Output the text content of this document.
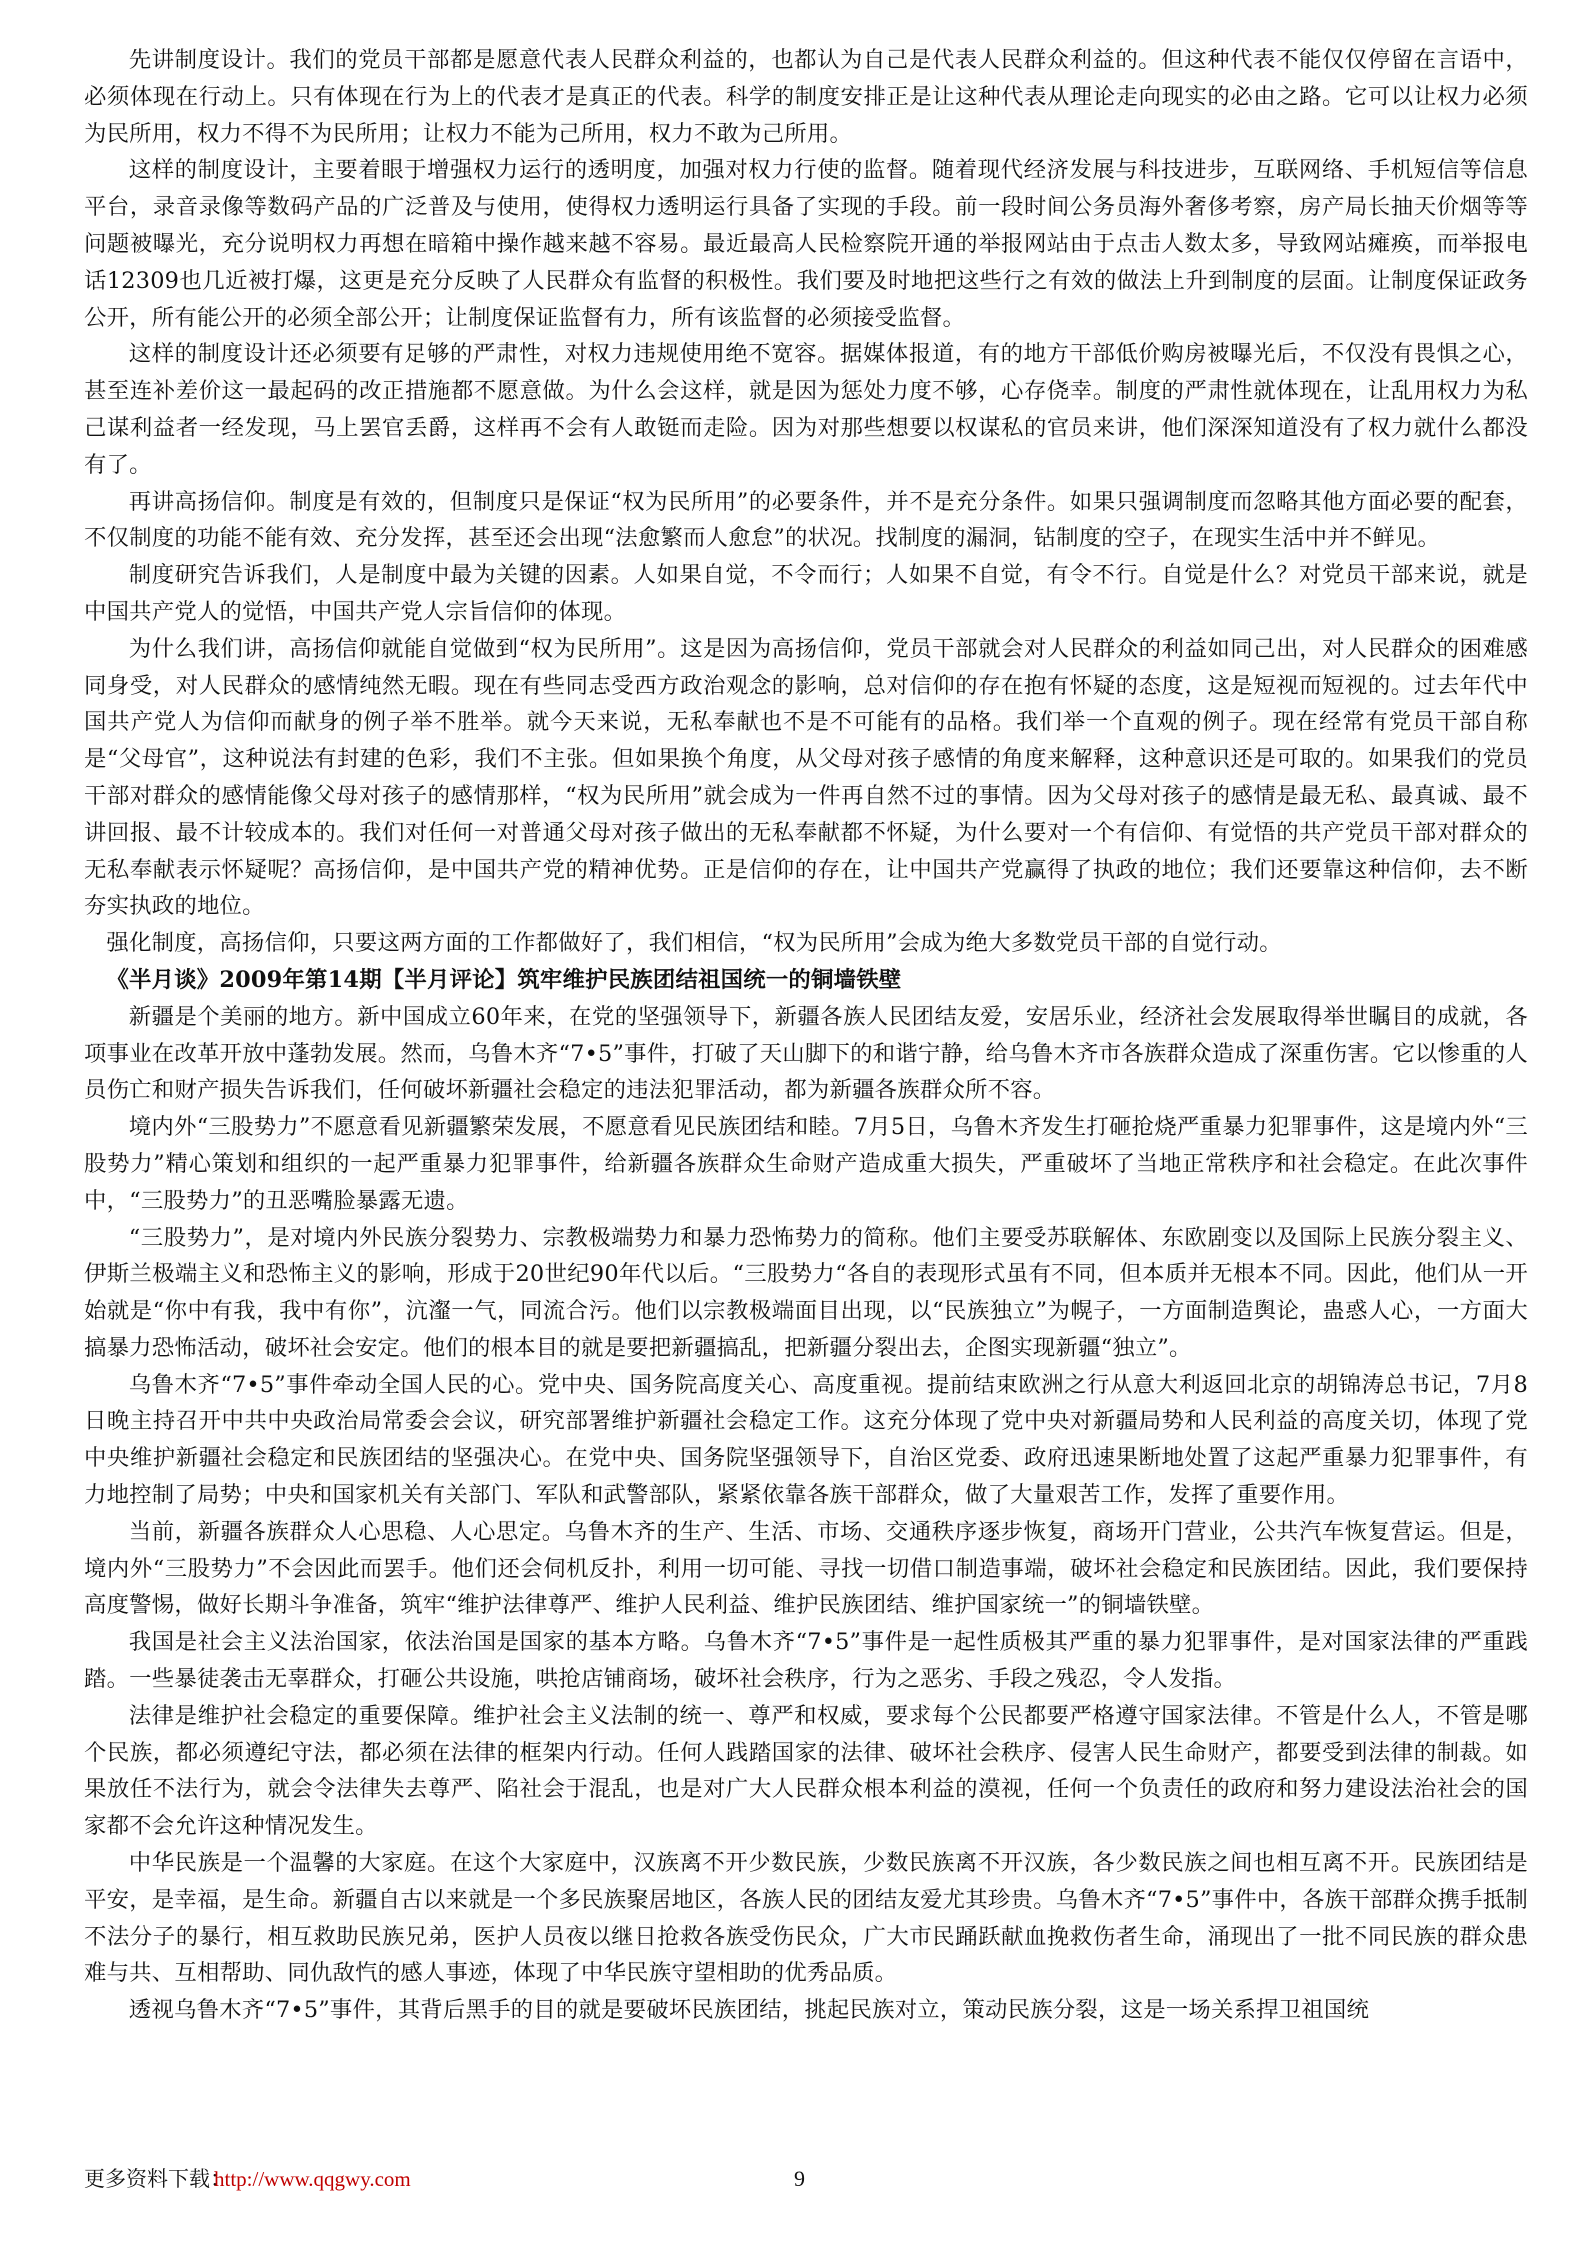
先讲制度设计。我们的党员干部都是愿意代表人民群众利益的，也都认为自己是代表人民群众利益的。但这种代表不能仅仅停留在言语中，必须体现在行动上。只有体现在行为上的代表才是真正的代表。科学的制度安排正是让这种代表从理论走向现实的必由之路。它可以让权力必须为民所用，权力不得不为民所用；让权力不能为己所用，权力不敢为己所用。

这样的制度设计，主要着眼于增强权力运行的透明度，加强对权力行使的监督。随着现代经济发展与科技进步，互联网络、手机短信等信息平台，录音录像等数码产品的广泛普及与使用，使得权力透明运行具备了实现的手段。前一段时间公务员海外奢侈考察，房产局长抽天价烟等等问题被曝光，充分说明权力再想在暗箱中操作越来越不容易。最近最高人民检察院开通的举报网站由于点击人数太多，导致网站瘫痪，而举报电话12309也几近被打爆，这更是充分反映了人民群众有监督的积极性。我们要及时地把这些行之有效的做法上升到制度的层面。让制度保证政务公开，所有能公开的必须全部公开；让制度保证监督有力，所有该监督的必须接受监督。

这样的制度设计还必须要有足够的严肃性，对权力违规使用绝不宽容。据媒体报道，有的地方干部低价购房被曝光后，不仅没有畏惧之心，甚至连补差价这一最起码的改正措施都不愿意做。为什么会这样，就是因为惩处力度不够，心存侥幸。制度的严肃性就体现在，让乱用权力为私己谋利益者一经发现，马上罢官丢爵，这样再不会有人敢铤而走险。因为对那些想要以权谋私的官员来讲，他们深深知道没有了权力就什么都没有了。

再讲高扬信仰。制度是有效的，但制度只是保证“权为民所用”的必要条件，并不是充分条件。如果只强调制度而忽略其他方面必要的配套，不仅制度的功能不能有效、充分发挥，甚至还会出现“法愈繁而人愈怠”的状况。找制度的漏洞，钻制度的空子，在现实生活中并不鲜见。

制度研究告诉我们，人是制度中最为关键的因素。人如果自觉，不令而行；人如果不自觉，有令不行。自觉是什么？对党员干部来说，就是中国共产党人的觉悟，中国共产党人宗旨信仰的体现。

为什么我们讲，高扬信仰就能自觉做到“权为民所用”。这是因为高扬信仰，党员干部就会对人民群众的利益如同己出，对人民群众的困难感同身受，对人民群众的感情纯然无暇。现在有些同志受西方政治观念的影响，总对信仰的存在抱有怀疑的态度，这是短视而短视的。过去年代中国共产党人为信仰而献身的例子举不胜举。就今天来说，无私奉献也不是不可能有的品格。我们举一个直观的例子。现在经常有党员干部自称是“父母官”，这种说法有封建的色彩，我们不主张。但如果换个角度，从父母对孩子感情的角度来解释，这种意识还是可取的。如果我们的党员干部对群众的感情能像父母对孩子的感情那样，“权为民所用”就会成为一件再自然不过的事情。因为父母对孩子的感情是最无私、最真诚、最不讲回报、最不计较成本的。我们对任何一对普通父母对孩子做出的无私奉献都不怀疑，为什么要对一个有信仰、有觉悟的共产党员干部对群众的无私奉献表示怀疑呢？高扬信仰，是中国共产党的精神优势。正是信仰的存在，让中国共产党赢得了执政的地位；我们还要靠这种信仰，去不断夯实执政的地位。

强化制度，高扬信仰，只要这两方面的工作都做好了，我们相信，“权为民所用”会成为绝大多数党员干部的自觉行动。

《半月谈》2009年第14期【半月评论】筑牢维护民族团结祖国统一的铜墙铁壁

新疆是个美丽的地方。新中国成立60年来，在党的坚强领导下，新疆各族人民团结友爱，安居乐业，经济社会发展取得举世瞩目的成就，各项事业在改革开放中蓬勃发展。然而，乌鲁木齐“7•5”事件，打破了天山脚下的和谐宁静，给乌鲁木齐市各族群众造成了深重伤害。它以惨重的人员伤亡和财产损失告诉我们，任何破坏新疆社会稳定的违法犯罪活动，都为新疆各族群众所不容。

境内外“三股势力”不愿意看见新疆繁荣发展，不愿意看见民族团结和睦。7月5日，乌鲁木齐发生打砸抢烧严重暴力犯罪事件，这是境内外“三股势力”精心策划和组织的一起严重暴力犯罪事件，给新疆各族群众生命财产造成重大损失，严重破坏了当地正常秩序和社会稳定。在此次事件中，“三股势力”的丑恶嘴脸暴露无遗。

“三股势力”，是对境内外民族分裂势力、宗教极端势力和暴力恐怖势力的简称。他们主要受苏联解体、东欧剧变以及国际上民族分裂主义、伊斯兰极端主义和恐怖主义的影响，形成于20世纪90年代以后。“三股势力“各自的表现形式虽有不同，但本质并无根本不同。因此，他们从一开始就是“你中有我，我中有你”，沆瀣一气，同流合污。他们以宗教极端面目出现，以“民族独立”为幌子，一方面制造舆论，蛊惑人心，一方面大搞暴力恐怖活动，破坏社会安定。他们的根本目的就是要把新疆搞乱，把新疆分裂出去，企图实现新疆“独立”。

乌鲁木齐“7•5”事件牵动全国人民的心。党中央、国务院高度关心、高度重视。提前结束欧洲之行从意大利返回北京的胡锦涛总书记，7月8日晚主持召开中共中央政治局常委会会议，研究部署维护新疆社会稳定工作。这充分体现了党中央对新疆局势和人民利益的高度关切，体现了党中央维护新疆社会稳定和民族团结的坚强决心。在党中央、国务院坚强领导下，自治区党委、政府迅速果断地处置了这起严重暴力犯罪事件，有力地控制了局势；中央和国家机关有关部门、军队和武警部队，紧紧依靠各族干部群众，做了大量艰苦工作，发挥了重要作用。

当前，新疆各族群众人心思稳、人心思定。乌鲁木齐的生产、生活、市场、交通秩序逐步恢复，商场开门营业，公共汽车恢复营运。但是，境内外“三股势力”不会因此而罢手。他们还会伺机反扑，利用一切可能、寻找一切借口制造事端，破坏社会稳定和民族团结。因此，我们要保持高度警惕，做好长期斗争准备，筑牢“维护法律尊严、维护人民利益、维护民族团结、维护国家统一”的铜墙铁壁。

我国是社会主义法治国家，依法治国是国家的基本方略。乌鲁木齐“7•5”事件是一起性质极其严重的暴力犯罪事件，是对国家法律的严重践踏。一些暴徒袭击无辜群众，打砸公共设施，哄抢店铺商场，破坏社会秩序，行为之恶劣、手段之残忍，令人发指。

法律是维护社会稳定的重要保障。维护社会主义法制的统一、尊严和权威，要求每个公民都要严格遵守国家法律。不管是什么人，不管是哪个民族，都必须遵纪守法，都必须在法律的框架内行动。任何人践踏国家的法律、破坏社会秩序、侵害人民生命财产，都要受到法律的制裁。如果放任不法行为，就会令法律失去尊严、陷社会于混乱，也是对广大人民群众根本利益的漠视，任何一个负责任的政府和努力建设法治社会的国家都不会允许这种情况发生。

中华民族是一个温馨的大家庭。在这个大家庭中，汉族离不开少数民族，少数民族离不开汉族，各少数民族之间也相互离不开。民族团结是平安，是幸福，是生命。新疆自古以来就是一个多民族聚居地区，各族人民的团结友爱尤其珍贵。乌鲁木齐“7•5”事件中，各族干部群众携手抵制不法分子的暴行，相互救助民族兄弟，医护人员夜以继日抢救各族受伤民众，广大市民踊跃献血挽救伤者生命，涌现出了一批不同民族的群众患难与共、互相帮助、同仇敌忾的感人事迹，体现了中华民族守望相助的优秀品质。

透视乌鲁木齐“7•5”事件，其背后黑手的目的就是要破坏民族团结，挑起民族对立，策动民族分裂，这是一场关系捍卫祖国统

更多资料下载：
http://www.qqgwy.com	9
